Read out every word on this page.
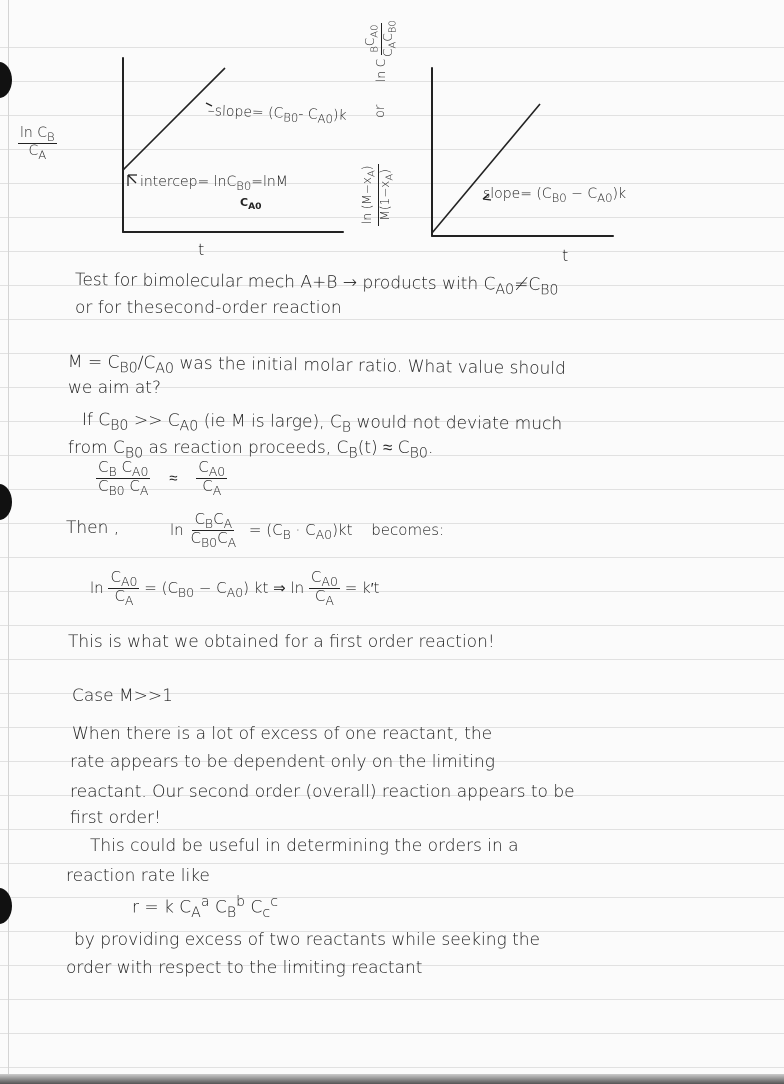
$\frac{\ln C_B}{C_A}$
–slope= ($C_{B0}-$ $C_{A0})k$
intercep= lnC$_{B0}$=lnM
$C_{A0}$
t
$\ln (M-x_A)$
$M(1-x_A)$
or
ln C
$_BC_{A0}$
$C_AC_{B0}$
slope= $(C_{B0} - C_{A0})k$
t
Test for bimolecular mech A+B → products with $C_{A0}\ne C_{B0}$
or for thesecond-order reaction
$M = C_{B0}/C_{A0}$ was the initial molar ratio. What value should
we aim at?
If $C_{B0} >> C_{A0}$ (ie M is large), $C_B$ would not deviate much
from $C_{B0}$ as reaction proceeds, $C_B(t) \approx C_{B0}$.
$\frac{C_B C_{A0}}{C_{B0} C_A} \approx \frac{C_{A0}}{C_A}$
Then ,	$\ln \frac{C_BC_A}{C_{B0}C_A} = (C_B \cdot C_{A0})kt$ becomes:
$\ln \frac{C_{A0}}{C_A} = (C_{B0} - C_{A0})$ kt ⇒ $\ln \frac{C_{A0}}{C_A} = k't$
This is what we obtained for a first order reaction!
Case M>>1
When there is a lot of excess of one reactant, the
rate appears to be dependent only on the limiting
reactant. Our second order (overall) reaction appears to be
first order!
This could be useful in determining the orders in a
reaction rate like
r = k $C_A^a$ $C_B^b$ $C_c^c$
by providing excess of two reactants while seeking the
order with respect to the limiting reactant
